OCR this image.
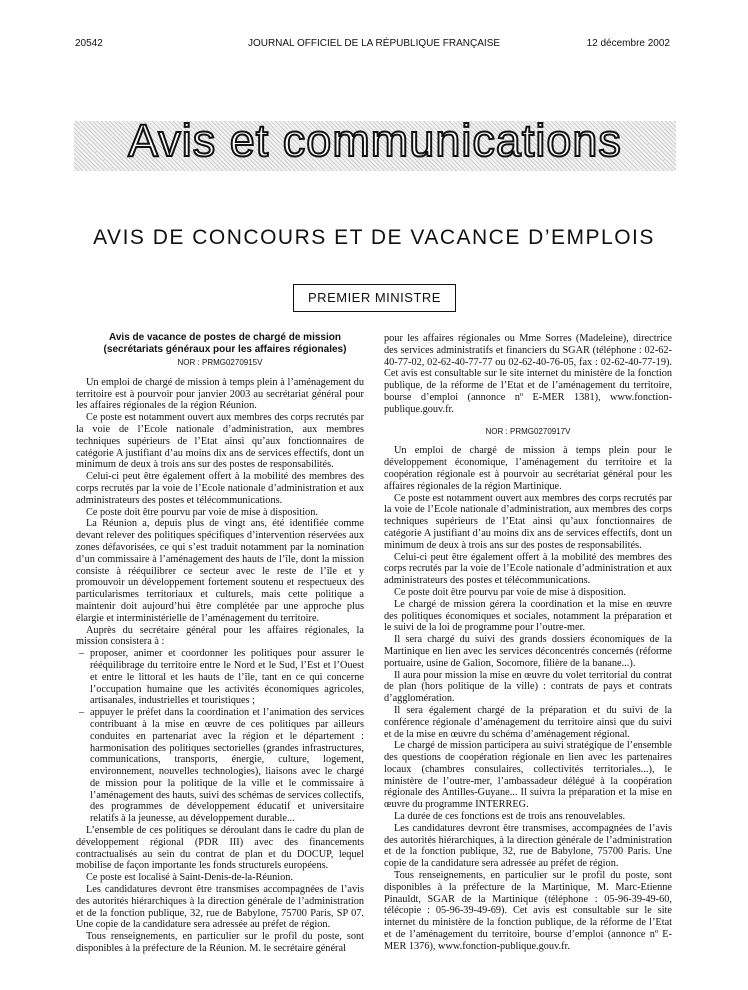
20542	JOURNAL OFFICIEL DE LA RÉPUBLIQUE FRANÇAISE	12 décembre 2002
Avis et communications
AVIS DE CONCOURS ET DE VACANCE D’EMPLOIS
PREMIER MINISTRE

Avis de vacance de postes de chargé de mission

(secrétariats généraux pour les affaires régionales)

NOR : PRMG0270915V

Un emploi de chargé de mission à temps plein à l’aménagement du territoire est à pourvoir pour janvier 2003 au secrétariat général pour les affaires régionales de la région Réunion.

Ce poste est notamment ouvert aux membres des corps recrutés par la voie de l’Ecole nationale d’administration, aux membres techniques supérieurs de l’Etat ainsi qu’aux fonctionnaires de catégorie A justifiant d’au moins dix ans de services effectifs, dont un minimum de deux à trois ans sur des postes de responsabilités.

Celui-ci peut être également offert à la mobilité des membres des corps recrutés par la voie de l’Ecole nationale d’administration et aux administrateurs des postes et télécommunications.

Ce poste doit être pourvu par voie de mise à disposition.

La Réunion a, depuis plus de vingt ans, été identifiée comme devant relever des politiques spécifiques d’intervention réservées aux zones défavorisées, ce qui s’est traduit notamment par la nomination d’un commissaire à l’aménagement des hauts de l’île, dont la mission consiste à rééquilibrer ce secteur avec le reste de l’île et y promouvoir un développement fortement soutenu et respectueux des particularismes territoriaux et culturels, mais cette politique a maintenir doit aujourd’hui être complétée par une approche plus élargie et interministérielle de l’aménagement du territoire.

Auprès du secrétaire général pour les affaires régionales, la mission consistera à :

– proposer, animer et coordonner les politiques pour assurer le rééquilibrage du territoire entre le Nord et le Sud, l’Est et l’Ouest et entre le littoral et les hauts de l’île, tant en ce qui concerne l’occupation humaine que les activités économiques agricoles, artisanales, industrielles et touristiques ;
– appuyer le préfet dans la coordination et l’animation des services contribuant à la mise en œuvre de ces politiques par ailleurs conduites en partenariat avec la région et le département : harmonisation des politiques sectorielles (grandes infrastructures, communications, transports, énergie, culture, logement, environnement, nouvelles technologies), liaisons avec le chargé de mission pour la politique de la ville et le commissaire à l’aménagement des hauts, suivi des schémas de services collectifs, des programmes de développement éducatif et universitaire relatifs à la jeunesse, au développement durable...

L’ensemble de ces politiques se déroulant dans le cadre du plan de développement régional (PDR III) avec des financements contractualisés au sein du contrat de plan et du DOCUP, lequel mobilise de façon importante les fonds structurels européens.

Ce poste est localisé à Saint-Denis-de-la-Réunion.

Les candidatures devront être transmises accompagnées de l’avis des autorités hiérarchiques à la direction générale de l’administration et de la fonction publique, 32, rue de Babylone, 75700 Paris, SP 07. Une copie de la candidature sera adressée au préfet de région.

Tous renseignements, en particulier sur le profil du poste, sont disponibles à la préfecture de la Réunion. M. le secrétaire général

pour les affaires régionales ou Mme Sorres (Madeleine), directrice des services administratifs et financiers du SGAR (téléphone : 02-62-40-77-02, 02-62-40-77-77 ou 02-62-40-76-05, fax : 02-62-40-77-19). Cet avis est consultable sur le site internet du ministère de la fonction publique, de la réforme de l’Etat et de l’aménagement du territoire, bourse d’emploi (annonce nº E-MER 1381), www.fonction-publique.gouv.fr.

NOR : PRMG0270917V

Un emploi de chargé de mission à temps plein pour le développement économique, l’aménagement du territoire et la coopération régionale est à pourvoir au secrétariat général pour les affaires régionales de la région Martinique.

Ce poste est notamment ouvert aux membres des corps recrutés par la voie de l’Ecole nationale d’administration, aux membres des corps techniques supérieurs de l’Etat ainsi qu’aux fonctionnaires de catégorie A justifiant d’au moins dix ans de services effectifs, dont un minimum de deux à trois ans sur des postes de responsabilités.

Celui-ci peut être également offert à la mobilité des membres des corps recrutés par la voie de l’Ecole nationale d’administration et aux administrateurs des postes et télécommunications.

Ce poste doit être pourvu par voie de mise à disposition.

Le chargé de mission gérera la coordination et la mise en œuvre des politiques économiques et sociales, notamment la préparation et le suivi de la loi de programme pour l’outre-mer.

Il sera chargé du suivi des grands dossiers économiques de la Martinique en lien avec les services déconcentrés concernés (réforme portuaire, usine de Galion, Socomore, filière de la banane...).

Il aura pour mission la mise en œuvre du volet territorial du contrat de plan (hors politique de la ville) : contrats de pays et contrats d’agglomération.

Il sera également chargé de la préparation et du suivi de la conférence régionale d’aménagement du territoire ainsi que du suivi et de la mise en œuvre du schéma d’aménagement régional.

Le chargé de mission participera au suivi stratégique de l’ensemble des questions de coopération régionale en lien avec les partenaires locaux (chambres consulaires, collectivités territoriales...), le ministère de l’outre-mer, l’ambassadeur délégué à la coopération régionale des Antilles-Guyane... Il suivra la préparation et la mise en œuvre du programme INTERREG.

La durée de ces fonctions est de trois ans renouvelables.

Les candidatures devront être transmises, accompagnées de l’avis des autorités hiérarchiques, à la direction générale de l’administration et de la fonction publique, 32, rue de Babylone, 75700 Paris. Une copie de la candidature sera adressée au préfet de région.

Tous renseignements, en particulier sur le profil du poste, sont disponibles à la préfecture de la Martinique, M. Marc-Etienne Pinauldt, SGAR de la Martinique (téléphone : 05-96-39-49-60, télécopie : 05-96-39-49-69). Cet avis est consultable sur le site internet du ministère de la fonction publique, de la réforme de l’Etat et de l’aménagement du territoire, bourse d’emploi (annonce nº E-MER 1376), www.fonction-publique.gouv.fr.
